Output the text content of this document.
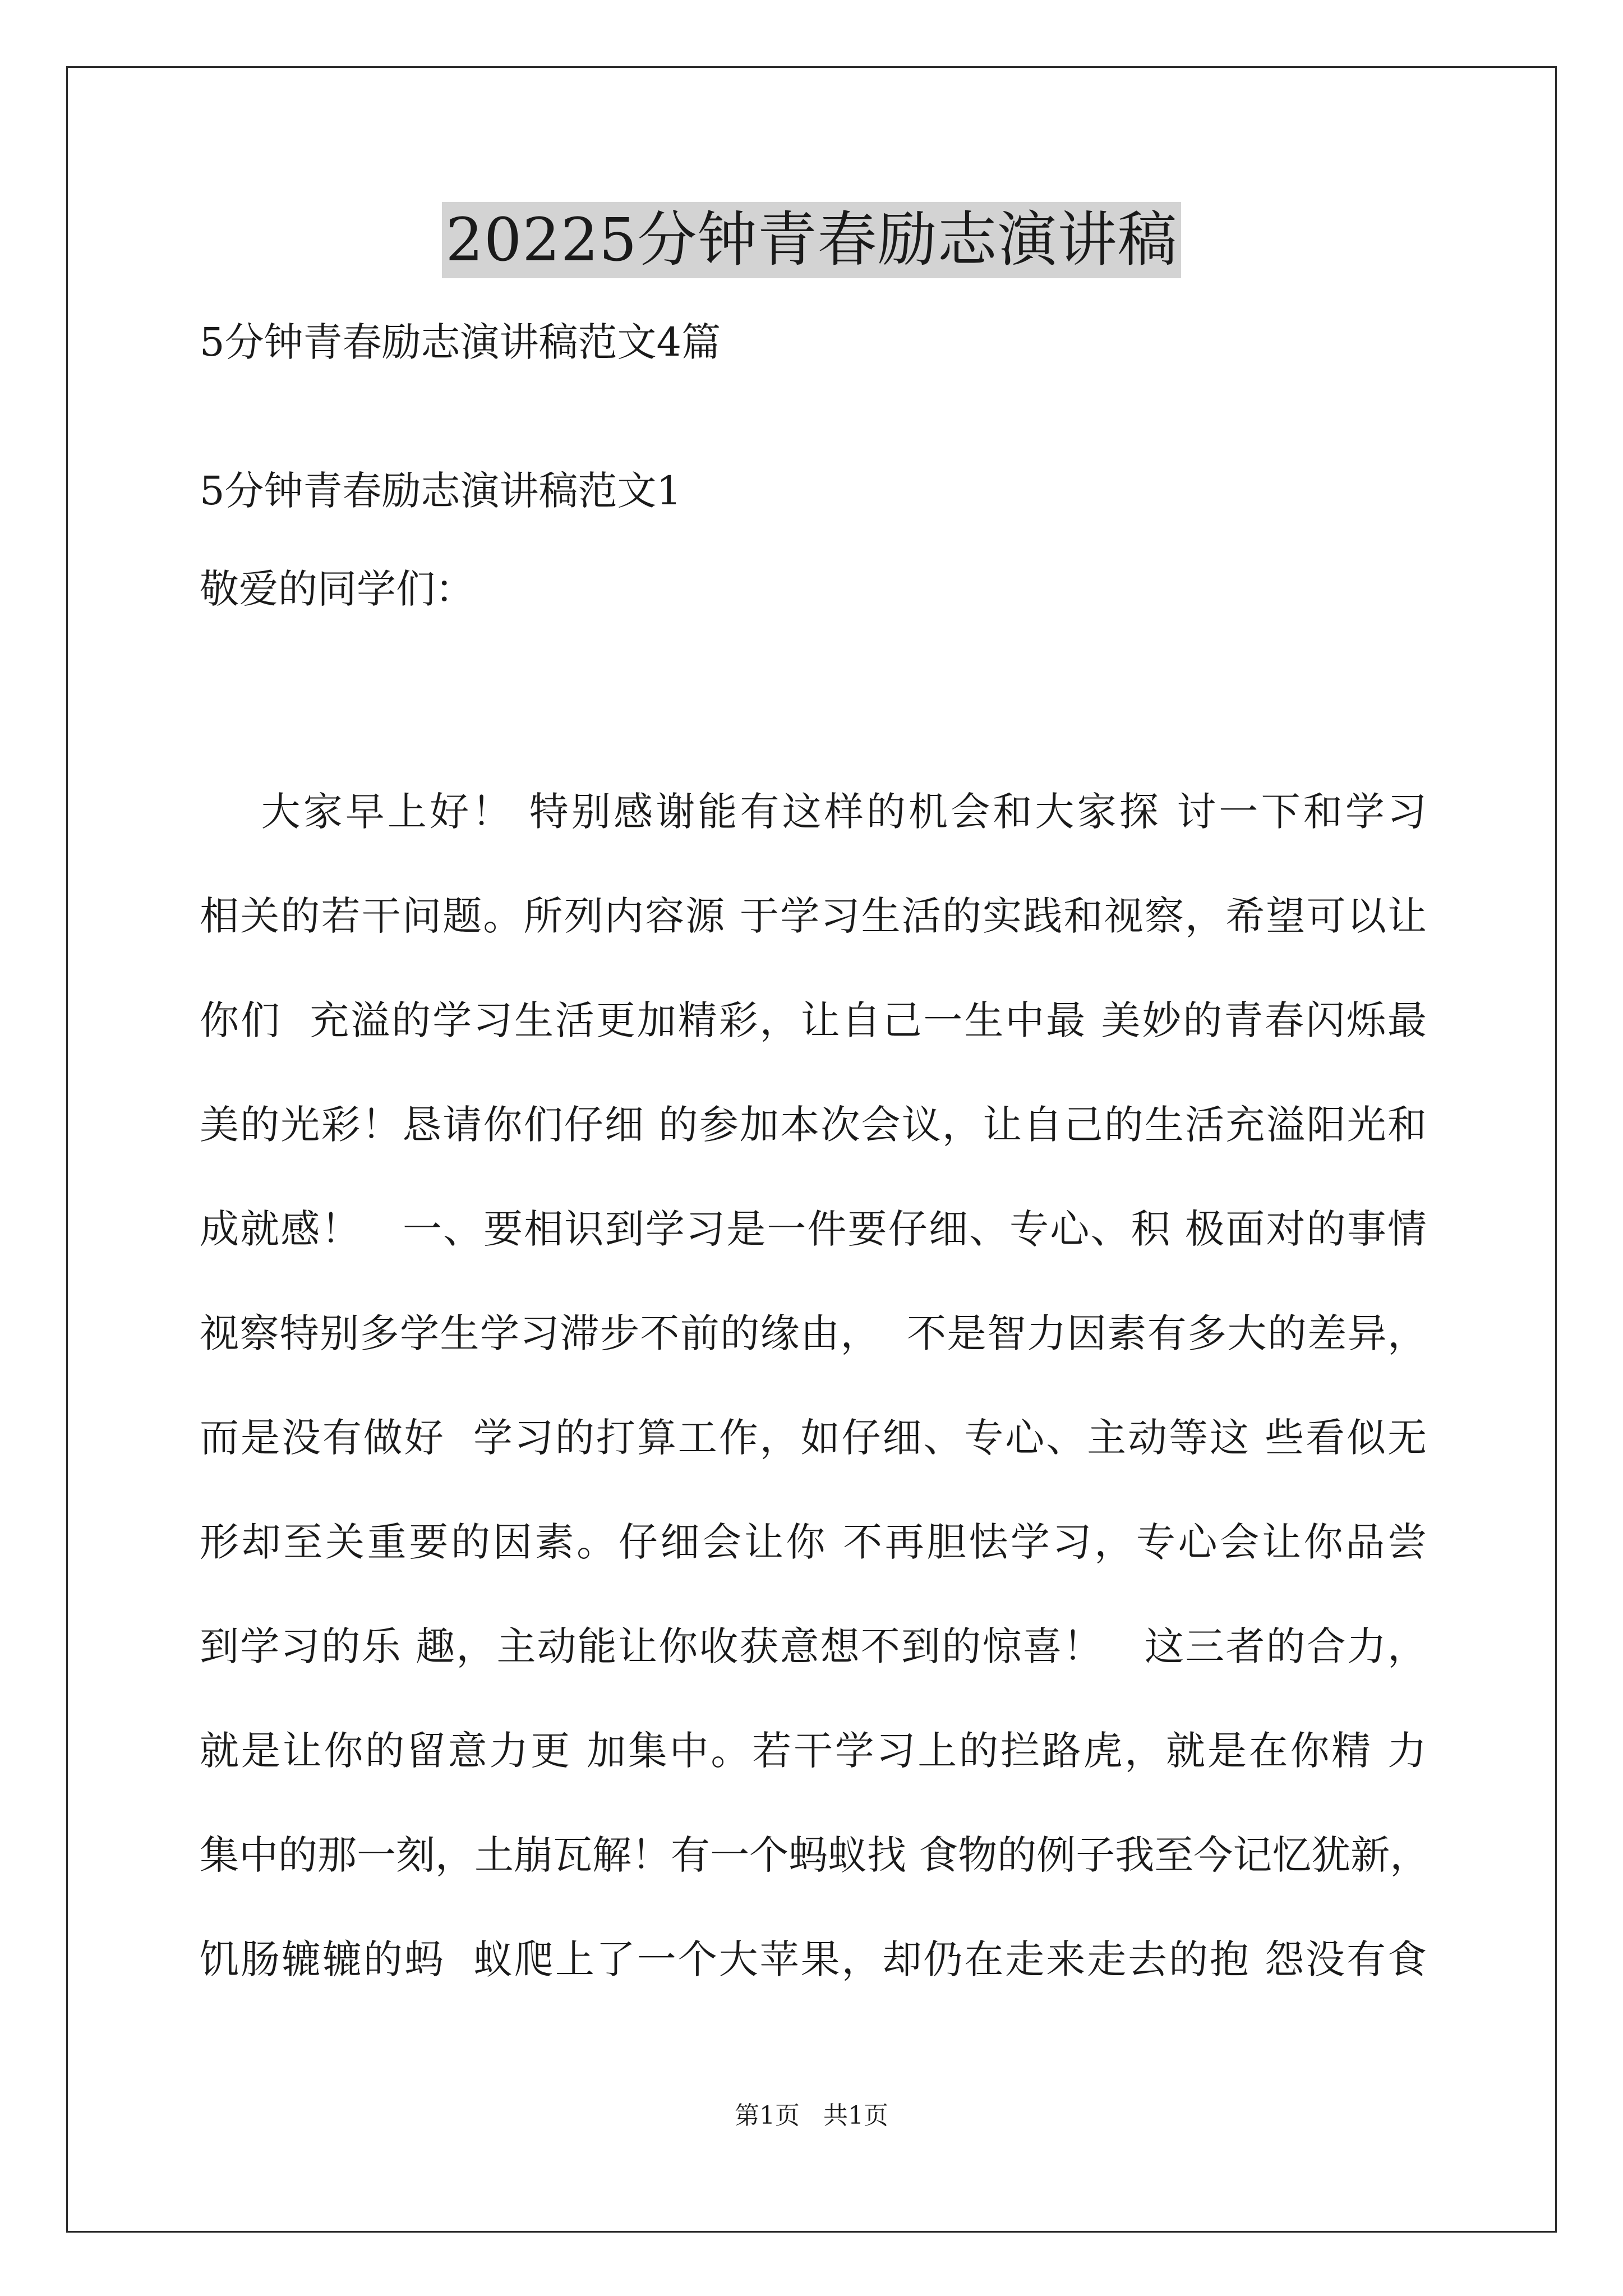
20225分钟青春励志演讲稿
5分钟青春励志演讲稿范文4篇
5分钟青春励志演讲稿范文1
敬爱的同学们：
大家早上好！ 特别感谢能有这样的机会和大家探 讨一下和学习
相关的若干问题。所列内容源 于学习生活的实践和视察，希望可以让
你们  充溢的学习生活更加精彩，让自己一生中最 美妙的青春闪烁最
美的光彩！恳请你们仔细 的参加本次会议，让自己的生活充溢阳光和
成就感！   一、要相识到学习是一件要仔细、专心、积 极面对的事情
视察特别多学生学习滞步不前的缘由，  不是智力因素有多大的差异，
而是没有做好  学习的打算工作，如仔细、专心、主动等这 些看似无
形却至关重要的因素。仔细会让你 不再胆怯学习，专心会让你品尝
到学习的乐 趣，主动能让你收获意想不到的惊喜！   这三者的合力，
就是让你的留意力更 加集中。若干学习上的拦路虎，就是在你精 力
集中的那一刻，土崩瓦解！有一个蚂蚁找 食物的例子我至今记忆犹新，
饥肠辘辘的蚂  蚁爬上了一个大苹果，却仍在走来走去的抱 怨没有食
第1页   共1页
